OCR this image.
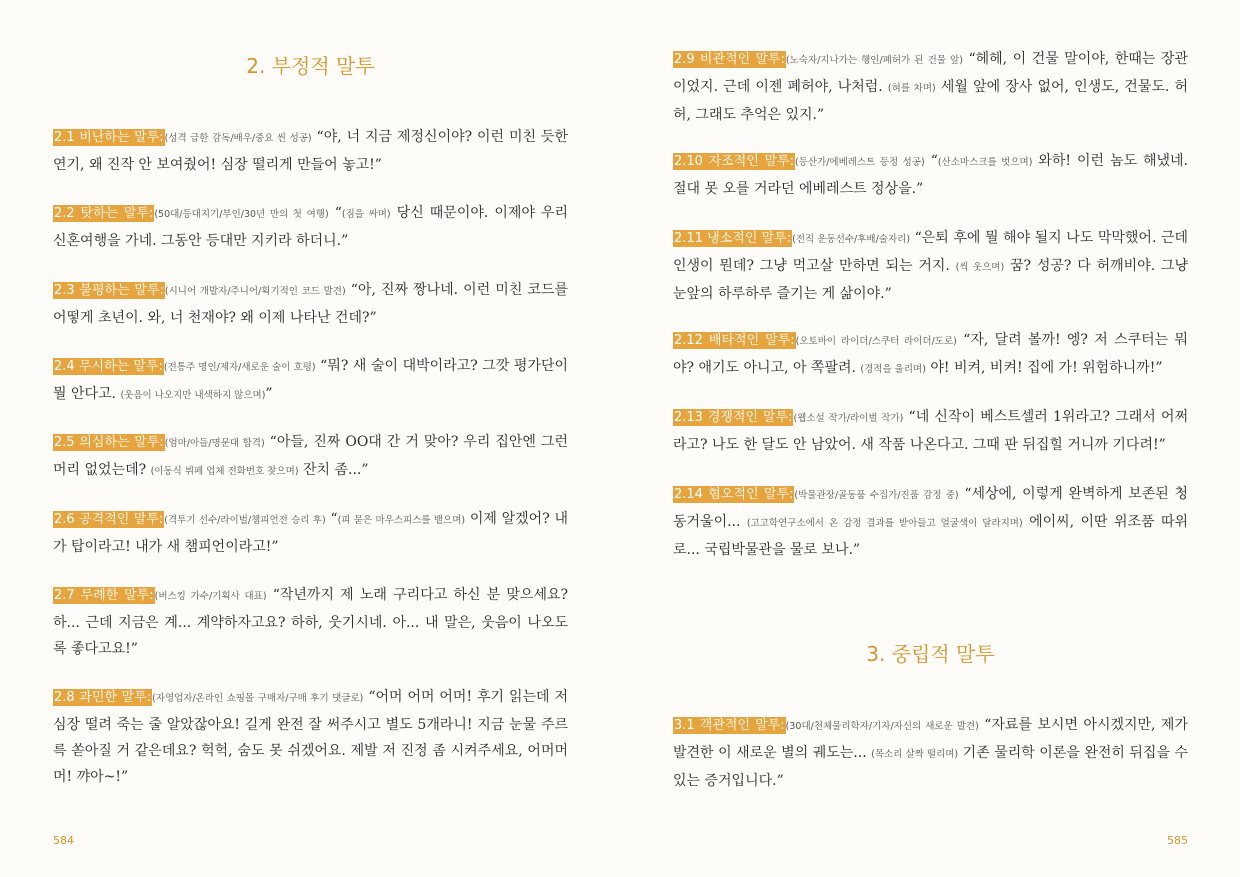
2. 부정적 말투
2.1 비난하는 말투:(성격 급한 감독/배우/중요 씬 성공) “야, 너 지금 제정신이야? 이런 미친 듯한 연기, 왜 진작 안 보여줬어! 심장 떨리게 만들어 놓고!”
2.2 탓하는 말투:(50대/등대지기/부인/30년 만의 첫 여행) “(짐을 싸며) 당신 때문이야. 이제야 우리 신혼여행을 가네. 그동안 등대만 지키라 하더니.”
2.3 불평하는 말투:(시니어 개발자/주니어/획기적인 코드 발견) “아, 진짜 짱나네. 이런 미친 코드를 어떻게 초년이. 와, 너 천재야? 왜 이제 나타난 건데?”
2.4 무시하는 말투:(전통주 명인/제자/새로운 술이 호평) “뭐? 새 술이 대박이라고? 그깟 평가단이 뭘 안다고. (웃음이 나오지만 내색하지 않으며)”
2.5 의심하는 말투:(엄마/아들/명문대 합격) “아들, 진짜 OO대 간 거 맞아? 우리 집안엔 그런 머리 없었는데? (이동식 뷔페 업체 전화번호 찾으며) 잔치 좀...”
2.6 공격적인 말투:(격투기 선수/라이벌/챔피언전 승리 후) “(피 묻은 마우스피스를 뱉으며) 이제 알겠어? 내가 탑이라고! 내가 새 챔피언이라고!”
2.7 무례한 말투:(버스킹 가수/기획사 대표) “작년까지 제 노래 구리다고 하신 분 맞으세요? 하... 근데 지금은 계... 계약하자고요? 하하, 웃기시네. 아... 내 말은, 웃음이 나오도록 좋다고요!”
2.8 과민한 말투:(자영업자/온라인 쇼핑몰 구매자/구매 후기 댓글로) “어머 어머 어머! 후기 읽는데 저 심장 떨려 죽는 줄 알았잖아요! 길게 완전 잘 써주시고 별도 5개라니! 지금 눈물 주르륵 쏟아질 거 같은데요? 헉헉, 숨도 못 쉬겠어요. 제발 저 진정 좀 시켜주세요, 어머머머! 꺄아~!”
584
3. 중립적 말투
2.9 비관적인 말투:(노숙자/지나가는 행인/폐허가 된 건물 앞) “헤헤, 이 건물 말이야, 한때는 장관이었지. 근데 이젠 폐허야, 나처럼. (혀를 차며) 세월 앞에 장사 없어, 인생도, 건물도. 허허, 그래도 추억은 있지.”
2.10 자조적인 말투:(등산가/에베레스트 등정 성공) “(산소마스크를 벗으며) 와하! 이런 놈도 해냈네. 절대 못 오를 거라던 에베레스트 정상을.”
2.11 냉소적인 말투:(전직 운동선수/후배/술자리) “은퇴 후에 뭘 해야 될지 나도 막막했어. 근데 인생이 뭔데? 그냥 먹고살 만하면 되는 거지. (씩 웃으며) 꿈? 성공? 다 허깨비야. 그냥 눈앞의 하루하루 즐기는 게 삶이야.”
2.12 배타적인 말투:(오토바이 라이더/스쿠터 라이더/도로) “자, 달려 볼까! 엥? 저 스쿠터는 뭐야? 애기도 아니고, 아 쪽팔려. (경적을 울리며) 야! 비켜, 비켜! 집에 가! 위험하니까!”
2.13 경쟁적인 말투:(웹소설 작가/라이벌 작가) “네 신작이 베스트셀러 1위라고? 그래서 어쩌라고? 나도 한 달도 안 남았어. 새 작품 나온다고. 그때 판 뒤집힐 거니까 기다려!”
2.14 혐오적인 말투:(박물관장/골동품 수집가/진품 감정 중) “세상에, 이렇게 완벽하게 보존된 청동거울이... (고고학연구소에서 온 감정 결과를 받아들고 얼굴색이 달라지며) 에이씨, 이딴 위조품 따위로... 국립박물관을 물로 보나.”
3.1 객관적인 말투:(30대/천체물리학자/기자/자신의 새로운 발견) “자료를 보시면 아시겠지만, 제가 발견한 이 새로운 별의 궤도는... (목소리 살짝 떨리며) 기존 물리학 이론을 완전히 뒤집을 수 있는 증거입니다.”
585
